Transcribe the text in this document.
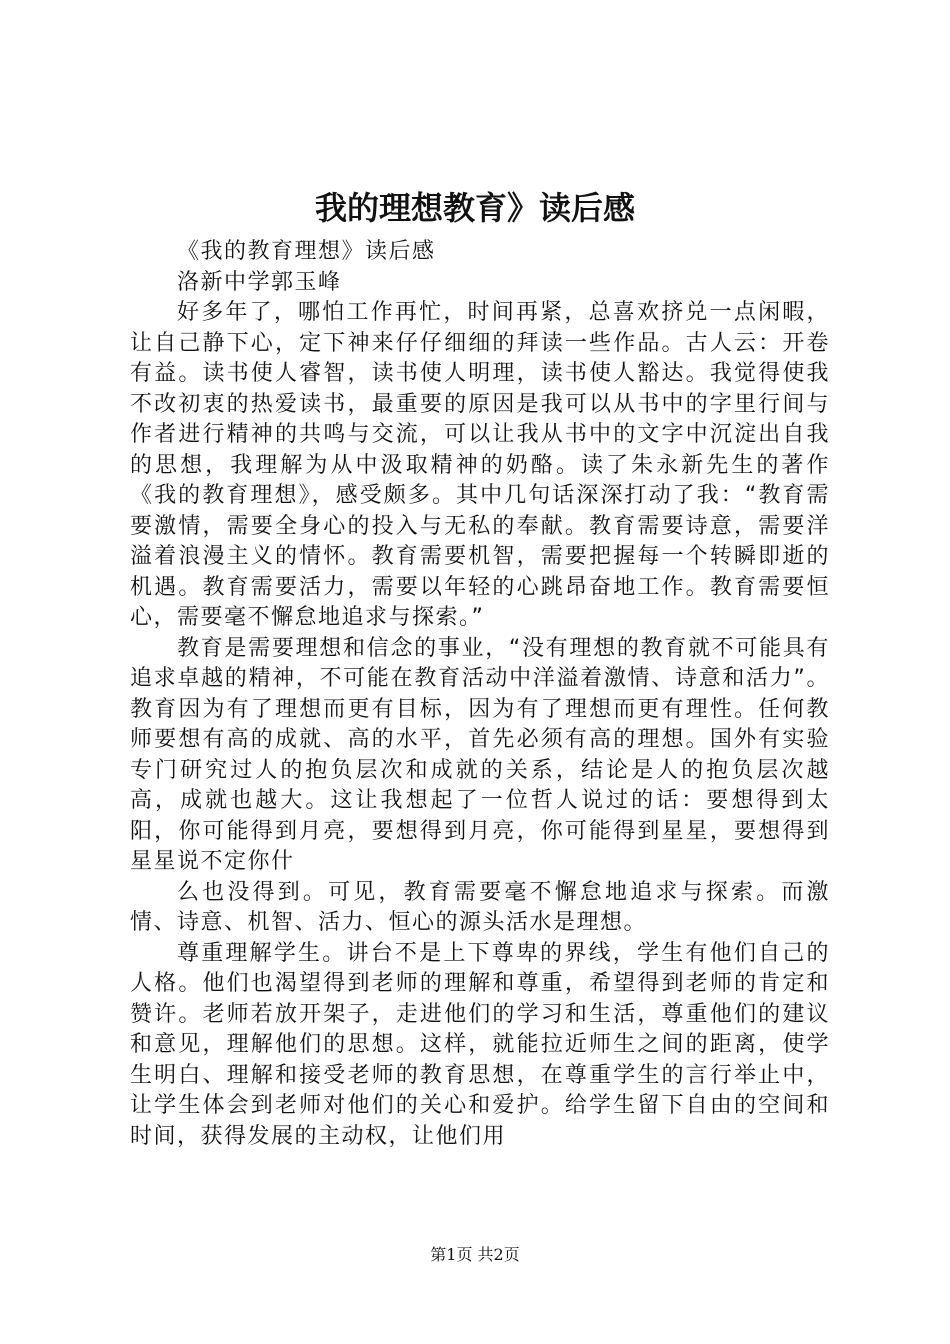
我的理想教育》读后感

《我的教育理想》读后感

洛新中学郭玉峰

好多年了，哪怕工作再忙，时间再紧，总喜欢挤兑一点闲暇，让自己静下心，定下神来仔仔细细的拜读一些作品。古人云：开卷有益。读书使人睿智，读书使人明理，读书使人豁达。我觉得使我不改初衷的热爱读书，最重要的原因是我可以从书中的字里行间与作者进行精神的共鸣与交流，可以让我从书中的文字中沉淀出自我的思想，我理解为从中汲取精神的奶酪。读了朱永新先生的著作《我的教育理想》，感受颇多。其中几句话深深打动了我：“教育需要激情，需要全身心的投入与无私的奉献。教育需要诗意，需要洋溢着浪漫主义的情怀。教育需要机智，需要把握每一个转瞬即逝的机遇。教育需要活力，需要以年轻的心跳昂奋地工作。教育需要恒心，需要毫不懈怠地追求与探索。”

教育是需要理想和信念的事业，“没有理想的教育就不可能具有追求卓越的精神，不可能在教育活动中洋溢着激情、诗意和活力”。教育因为有了理想而更有目标，因为有了理想而更有理性。任何教师要想有高的成就、高的水平，首先必须有高的理想。国外有实验专门研究过人的抱负层次和成就的关系，结论是人的抱负层次越高，成就也越大。这让我想起了一位哲人说过的话：要想得到太阳，你可能得到月亮，要想得到月亮，你可能得到星星，要想得到星星说不定你什

么也没得到。可见，教育需要毫不懈怠地追求与探索。而激情、诗意、机智、活力、恒心的源头活水是理想。

尊重理解学生。讲台不是上下尊卑的界线，学生有他们自己的人格。他们也渴望得到老师的理解和尊重，希望得到老师的肯定和赞许。老师若放开架子，走进他们的学习和生活，尊重他们的建议和意见，理解他们的思想。这样，就能拉近师生之间的距离，使学生明白、理解和接受老师的教育思想，在尊重学生的言行举止中，让学生体会到老师对他们的关心和爱护。给学生留下自由的空间和时间，获得发展的主动权，让他们用

第1页 共2页
